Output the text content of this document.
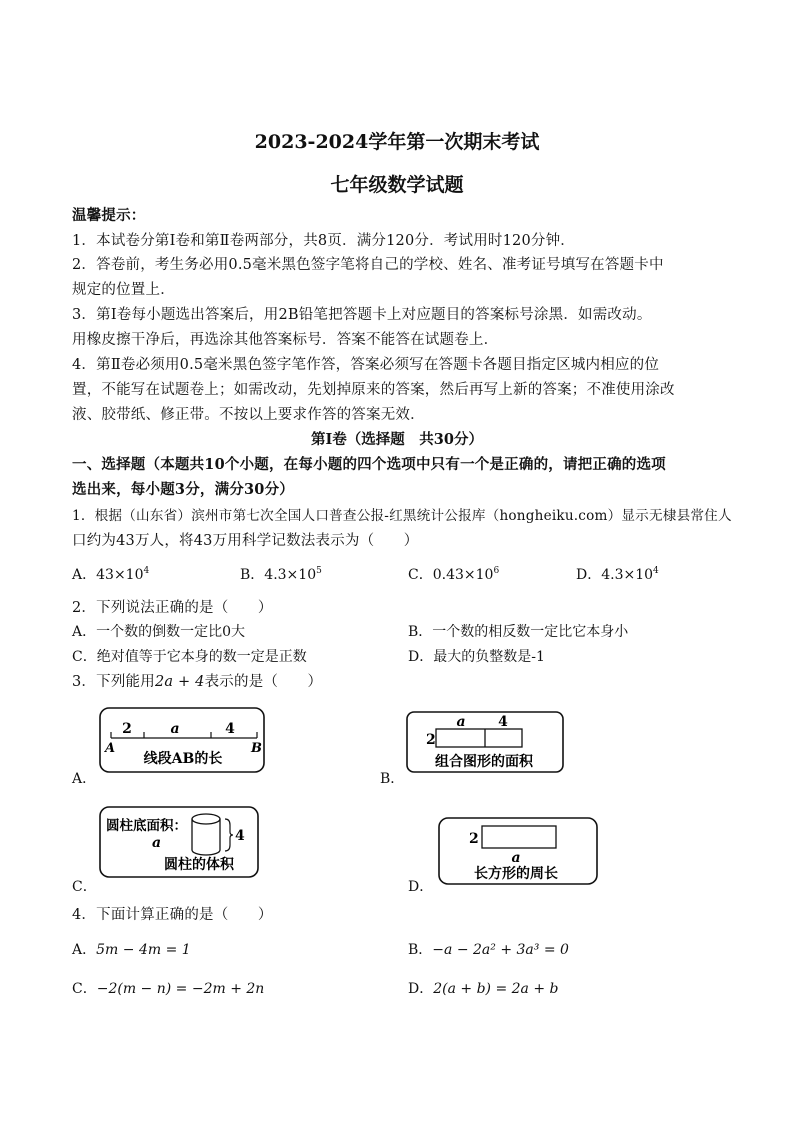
2023-2024学年第一次期末考试
七年级数学试题
温馨提示：
1．本试卷分第Ⅰ卷和第Ⅱ卷两部分，共8页．满分120分．考试用时120分钟．
2．答卷前，考生务必用0.5毫米黑色签字笔将自己的学校、姓名、准考证号填写在答题卡中
规定的位置上．
3．第Ⅰ卷每小题选出答案后，用2B铅笔把答题卡上对应题目的答案标号涂黑．如需改动。
用橡皮擦干净后，再选涂其他答案标号．答案不能答在试题卷上．
4．第Ⅱ卷必须用0.5毫米黑色签字笔作答，答案必须写在答题卡各题目指定区城内相应的位
置，不能写在试题卷上；如需改动，先划掉原来的答案，然后再写上新的答案；不准使用涂改
液、胶带纸、修正带。不按以上要求作答的答案无效．
第Ⅰ卷（选择题　共30分）
一、选择题（本题共10个小题，在每小题的四个选项中只有一个是正确的，请把正确的选项
选出来，每小题3分，满分30分）
1．根据（山东省）滨州市第七次全国人口普查公报-红黑统计公报库（hongheiku.com）显示无棣县常住人
口约为43万人，将43万用科学记数法表示为（　　）
A．$43\times 10^4$	B．$4.3\times 10^5$	C．$0.43\times 10^6$	D．$4.3\times 10^4$
2．下列说法正确的是（　　）
A．一个数的倒数一定比0大	B．一个数的相反数一定比它本身小
C．绝对值等于它本身的数一定是正数	D．最大的负整数是-1
3．下列能用2a + 4表示的是（　　）
A．	B．
C．	D．
2	a	4
A	B
线段AB的长
a 4
2
组合图形的面积
圆柱底面积：
a	4
圆柱的体积
2
a
长方形的周长
4．下面计算正确的是（　　）
A．5m − 4m = 1	B．−a − 2a² + 3a³ = 0
C．−2(m − n) = −2m + 2n	D．2(a + b) = 2a + b
